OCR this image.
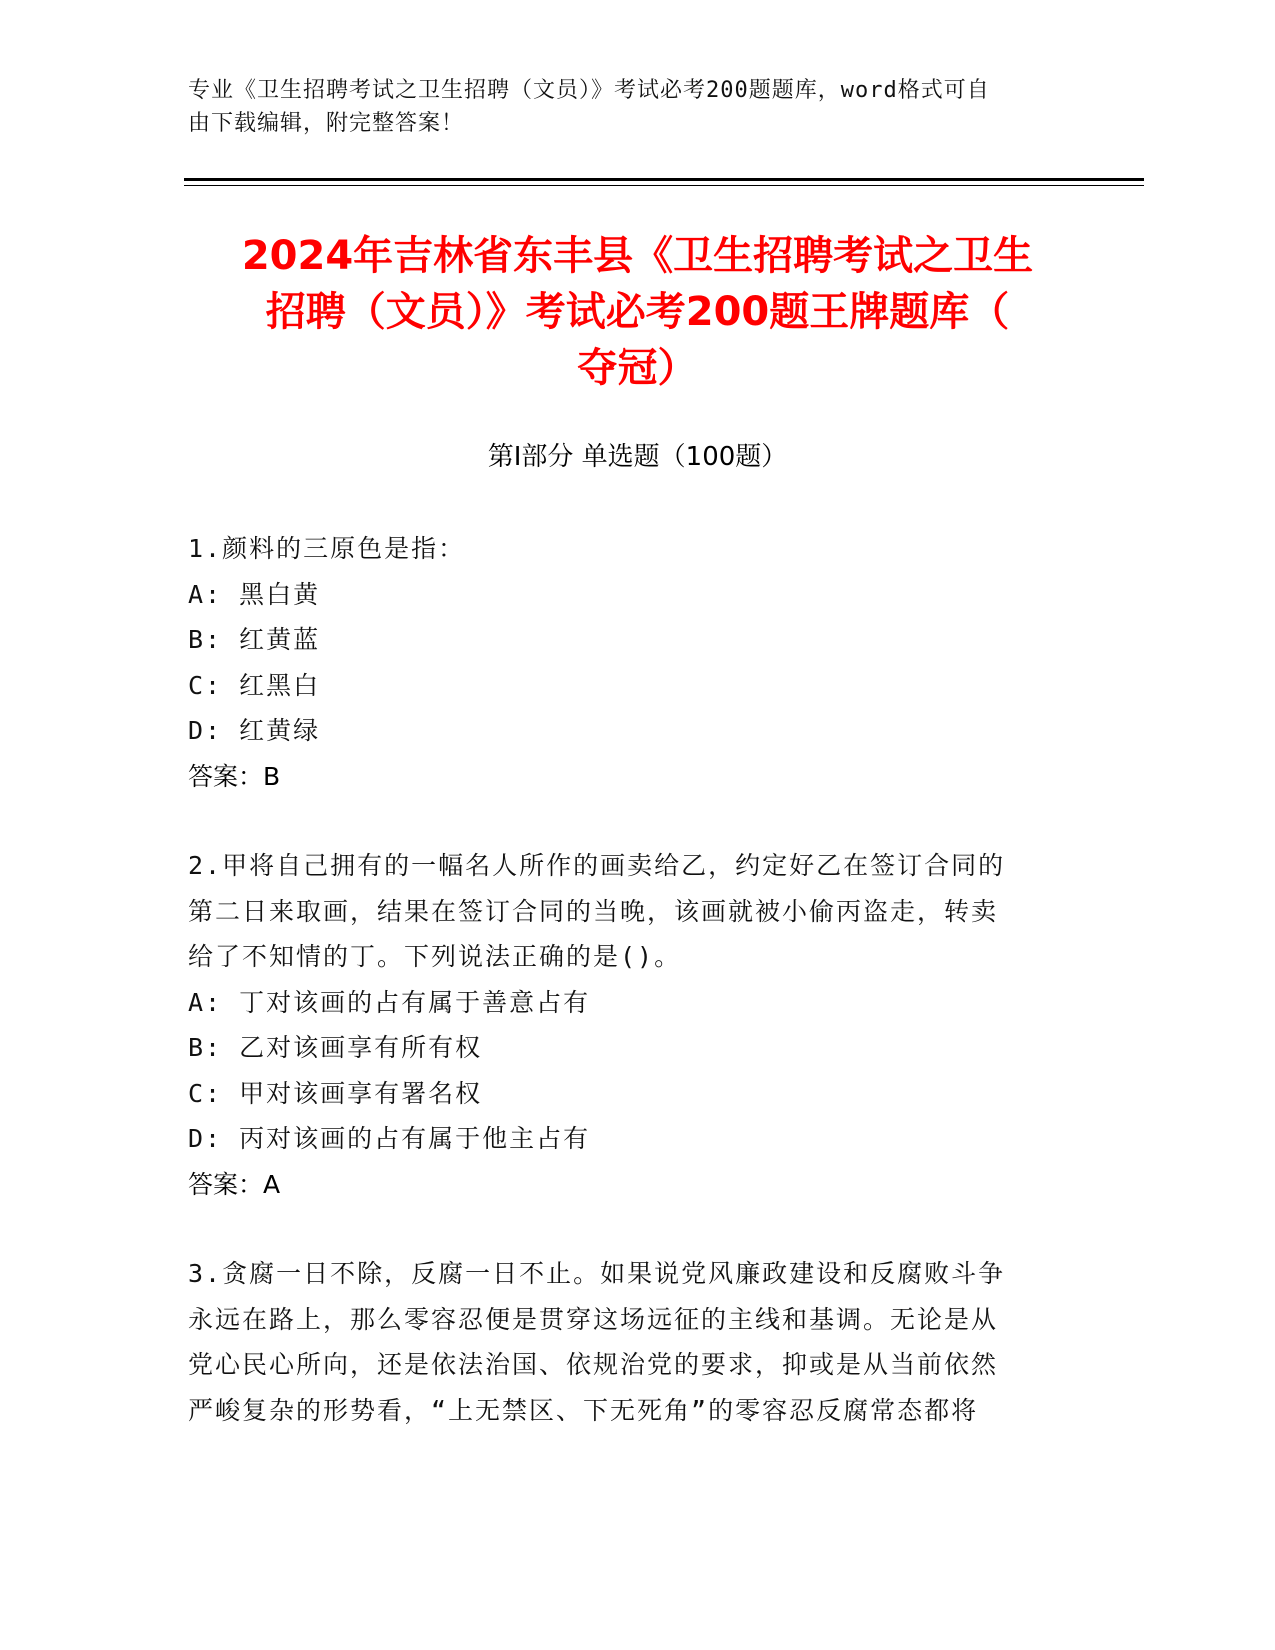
专业《卫生招聘考试之卫生招聘（文员）》考试必考200题题库，word格式可自
由下载编辑，附完整答案！
2024年吉林省东丰县《卫生招聘考试之卫生
招聘（文员）》考试必考200题王牌题库（
夺冠）
第Ⅰ部分 单选题（100题）

1.颜料的三原色是指：

A: 黑白黄

B: 红黄蓝

C: 红黑白

D: 红黄绿

答案：B

2.甲将自己拥有的一幅名人所作的画卖给乙，约定好乙在签订合同的

第二日来取画，结果在签订合同的当晚，该画就被小偷丙盗走，转卖

给了不知情的丁。下列说法正确的是()。

A: 丁对该画的占有属于善意占有

B: 乙对该画享有所有权

C: 甲对该画享有署名权

D: 丙对该画的占有属于他主占有

答案：A

3.贪腐一日不除，反腐一日不止。如果说党风廉政建设和反腐败斗争

永远在路上，那么零容忍便是贯穿这场远征的主线和基调。无论是从

党心民心所向，还是依法治国、依规治党的要求，抑或是从当前依然

严峻复杂的形势看，“上无禁区、下无死角”的零容忍反腐常态都将
